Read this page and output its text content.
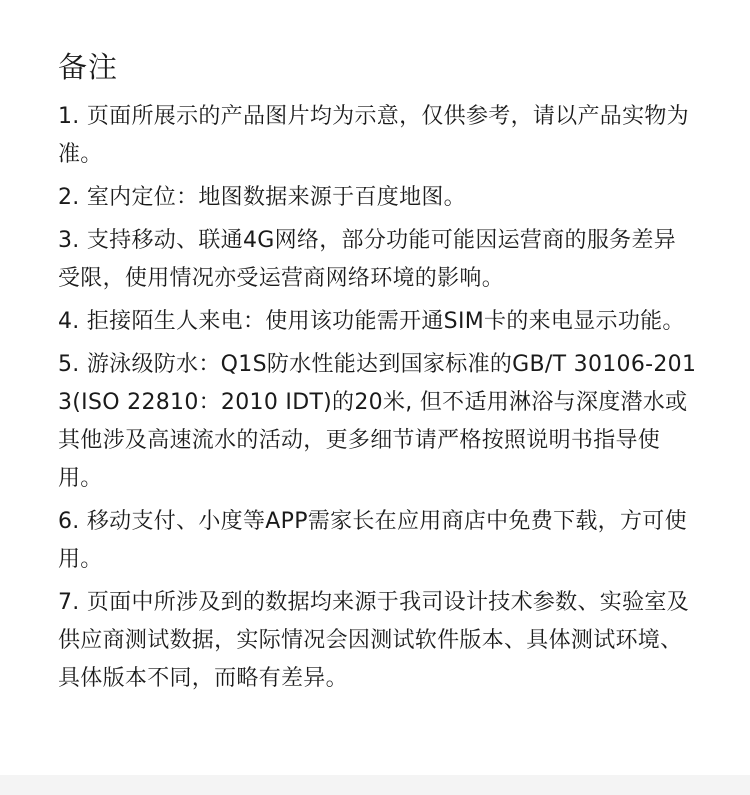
备注
1. 页面所展示的产品图片均为示意，仅供参考，请以产品实物为准。
2. 室内定位：地图数据来源于百度地图。
3. 支持移动、联通4G网络，部分功能可能因运营商的服务差异受限，使用情况亦受运营商网络环境的影响。
4. 拒接陌生人来电：使用该功能需开通SIM卡的来电显示功能。
5. 游泳级防水：Q1S防水性能达到国家标准的GB/T 30106-2013(ISO 22810：2010 IDT)的20米, 但不适用淋浴与深度潜水或其他涉及高速流水的活动，更多细节请严格按照说明书指导使用。
6. 移动支付、小度等APP需家长在应用商店中免费下载，方可使用。
7. 页面中所涉及到的数据均来源于我司设计技术参数、实验室及供应商测试数据，实际情况会因测试软件版本、具体测试环境、具体版本不同，而略有差异。
